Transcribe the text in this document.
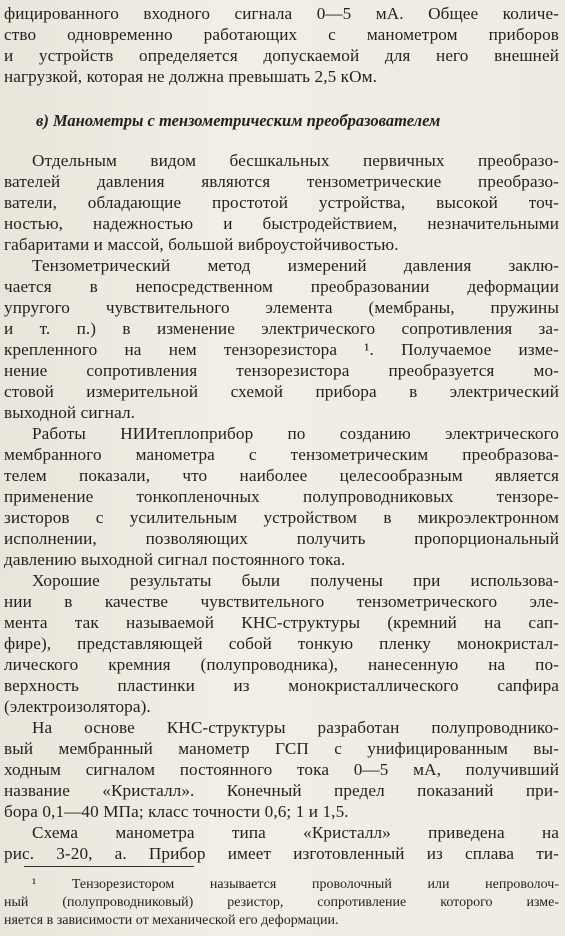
фицированного входного сигнала 0—5 мА. Общее количе-
ство одновременно работающих с манометром приборов
и устройств определяется допускаемой для него внешней
нагрузкой, которая не должна превышать 2,5 кОм.
в) Манометры с тензометрическим преобразователем
Отдельным видом бесшкальных первичных преобразо-
вателей давления являются тензометрические преобразо-
ватели, обладающие простотой устройства, высокой точ-
ностью, надежностью и быстродействием, незначительными
габаритами и массой, большой виброустойчивостью.
Тензометрический метод измерений давления заклю-
чается в непосредственном преобразовании деформации
упругого чувствительного элемента (мембраны, пружины
и т. п.) в изменение электрического сопротивления за-
крепленного на нем тензорезистора ¹. Получаемое изме-
нение сопротивления тензорезистора преобразуется мо-
стовой измерительной схемой прибора в электрический
выходной сигнал.
Работы НИИтеплоприбор по созданию электрического
мембранного манометра с тензометрическим преобразова-
телем показали, что наиболее целесообразным является
применение тонкопленочных полупроводниковых тензоре-
зисторов с усилительным устройством в микроэлектронном
исполнении, позволяющих получить пропорциональный
давлению выходной сигнал постоянного тока.
Хорошие результаты были получены при использова-
нии в качестве чувствительного тензометрического эле-
мента так называемой КНС-структуры (кремний на сап-
фире), представляющей собой тонкую пленку монокристал-
лического кремния (полупроводника), нанесенную на по-
верхность пластинки из монокристаллического сапфира
(электроизолятора).
На основе КНС-структуры разработан полупроводнико-
вый мембранный манометр ГСП с унифицированным вы-
ходным сигналом постоянного тока 0—5 мА, получивший
название «Кристалл». Конечный предел показаний при-
бора 0,1—40 МПа; класс точности 0,6; 1 и 1,5.
Схема манометра типа «Кристалл» приведена на
рис. 3-20, а. Прибор имеет изготовленный из сплава ти-
¹ Тензорезистором называется проволочный или непроволоч-
ный (полупроводниковый) резистор, сопротивление которого изме-
няется в зависимости от механической его деформации.
